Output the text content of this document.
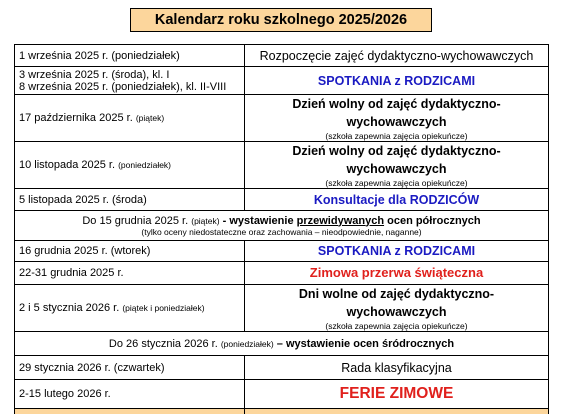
Kalendarz roku szkolnego 2025/2026
1 września 2025 r. (poniedziałek)	Rozpoczęcie zajęć dydaktyczno-wychowawczych

3 września 2025 r. (środa), kl. I
8 września 2025 r. (poniedziałek), kl. II-VIII	SPOTKANIA z RODZICAMI
17 października 2025 r. (piątek)	Dzień wolny od zajęć dydaktyczno-wychowawczych
(szkoła zapewnia zajęcia opiekuńcze)

10 listopada 2025 r. (poniedziałek)	Dzień wolny od zajęć dydaktyczno-wychowawczych
(szkoła zapewnia zajęcia opiekuńcze)

5 listopada 2025 r. (środa)	Konsultacje dla RODZICÓW
Do 15 grudnia 2025 r. (piątek) - wystawienie przewidywanych ocen półrocznych
(tylko oceny niedostateczne oraz zachowania – nieodpowiednie, naganne)	

16 grudnia 2025 r. (wtorek)	SPOTKANIA z RODZICAMI
22-31 grudnia 2025 r.	Zimowa przerwa świąteczna
2 i 5 stycznia 2026 r. (piątek i poniedziałek)	Dni wolne od zajęć dydaktyczno-wychowawczych
(szkoła zapewnia zajęcia opiekuńcze)

Do 26 stycznia 2026 r. (poniedziałek) – wystawienie ocen śródrocznych	
29 stycznia 2026 r. (czwartek)	Rada klasyfikacyjna
2-15 lutego 2026 r.	FERIE ZIMOWE
